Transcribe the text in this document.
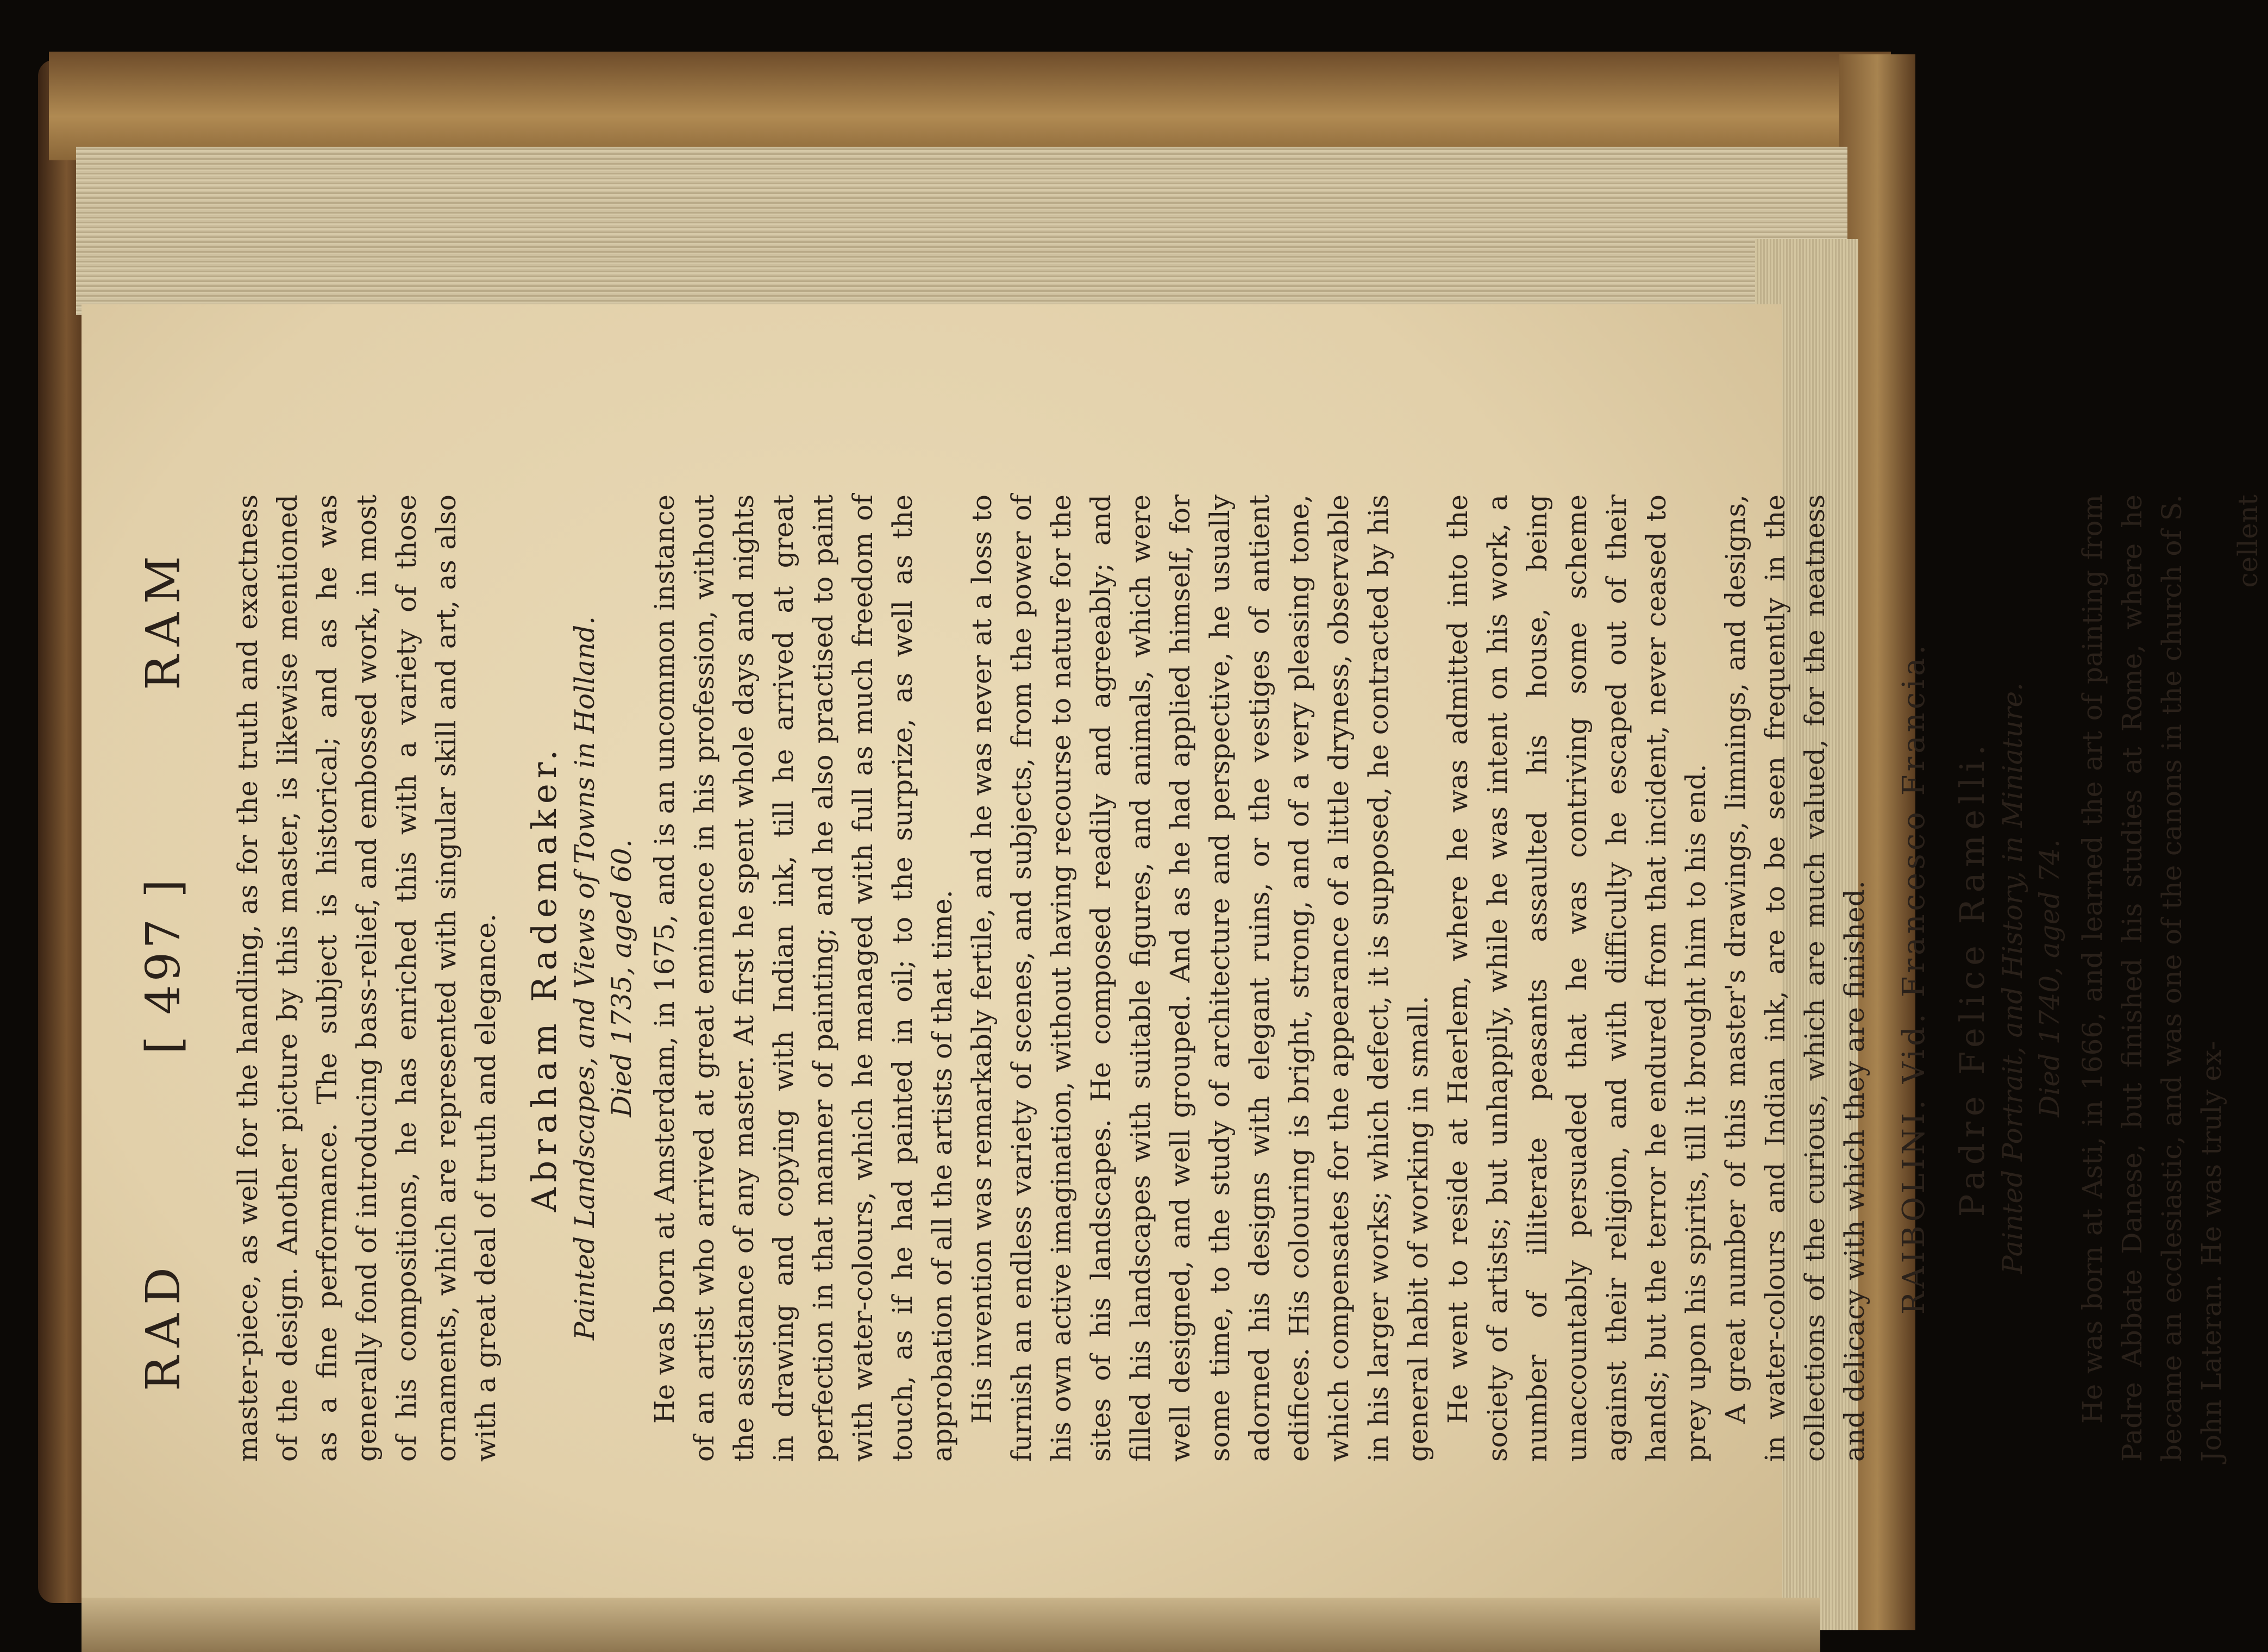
RAD
[ 497 ]
RAM master-piece, as well for the handling, as for the truth and exactness of the design. Another picture by this master, is likewise mentioned as a fine performance. The subject is historical; and as he was generally fond of introducing bass-relief, and embossed work, in most of his compositions, he has enriched this with a variety of those ornaments, which are represented with singular skill and art, as also with a great deal of truth and elegance. Abraham Rademaker. Painted Landscapes, and Views of Towns in Holland. Died 1735, aged 60. He was born at Amsterdam, in 1675, and is an uncommon instance of an artist who arrived at great eminence in his profession, without the assistance of any master. At first he spent whole days and nights in drawing and copying with Indian ink, till he arrived at great perfection in that manner of painting; and he also practised to paint with water-colours, which he managed with full as much freedom of touch, as if he had painted in oil; to the surprize, as well as the approbation of all the artists of that time. His invention was remarkably fertile, and he was never at a loss to furnish an endless variety of scenes, and subjects, from the power of his own active imagination, without having recourse to nature for the sites of his landscapes. He composed readily and agreeably; and filled his landscapes with suitable figures, and animals, which were well designed, and well grouped. And as he had applied himself, for some time, to the study of architecture and perspective, he usually adorned his designs with elegant ruins, or the vestiges of antient edifices. His colouring is bright, strong, and of a very pleasing tone, which compensates for the appearance of a little dryness, observable in his larger works; which defect, it is supposed, he contracted by his general habit of working in small. He went to reside at Haerlem, where he was admitted into the society of artists; but unhappily, while he was intent on his work, a number of illiterate peasants assaulted his house, being unaccountably persuaded that he was contriving some scheme against their religion, and with difficulty he escaped out of their hands; but the terror he endured from that incident, never ceased to prey upon his spirits, till it brought him to his end. A great number of this master's drawings, limnings, and designs, in water-colours and Indian ink, are to be seen frequently in the collections of the curious, which are much valued, for the neatness and delicacy with which they are finished. RAIBOLINI. Vid. Francesco Francia. Padre Felice Ramelli. Painted Portrait, and History, in Miniature. Died 1740, aged 74. He was born at Asti, in 1666, and learned the art of painting from Padre Abbate Danese, but finished his studies at Rome, where he became an ecclesiastic, and was one of the canons in the church of S. John Lateran. He was truly ex-

cellent
